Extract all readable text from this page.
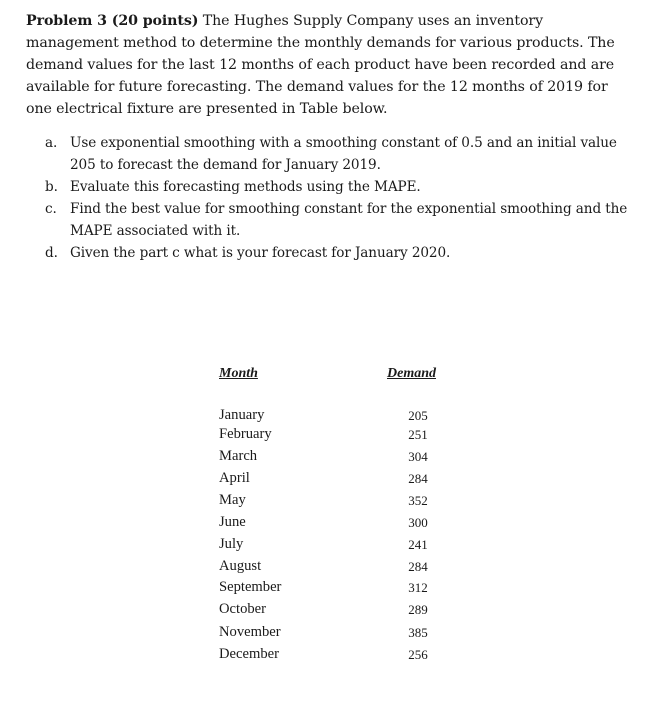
Problem 3 (20 points) The Hughes Supply Company uses an inventory management method to determine the monthly demands for various products. The demand values for the last 12 months of each product have been recorded and are available for future forecasting. The demand values for the 12 months of 2019 for one electrical fixture are presented in Table below.

a. Use exponential smoothing with a smoothing constant of 0.5 and an initial value 205 to forecast the demand for January 2019.
b. Evaluate this forecasting methods using the MAPE.
c. Find the best value for smoothing constant for the exponential smoothing and the MAPE associated with it.
d. Given the part c what is your forecast for January 2020.
Month	Demand
January	205
February	251
March	304
April	284
May	352
June	300
July	241
August	284
September	312
October	289
November	385
December	256
